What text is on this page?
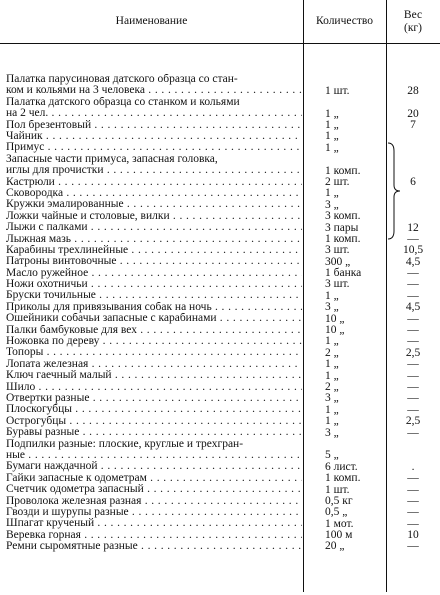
Наименование	Количество
Вес
(кг)
Палатка парусиновая датского образца со стан-
ком и кольями на 3 человека . . .	1 шт.	28
Палатка датского образца со станком и кольями
на 2 чел. . . .	1 „	20
Пол брезентовый . . .	1 „	7
Чайник . . .	1 „
Примус . . .	1 „
Запасные части примуса, запасная головка,
иглы для прочистки . . .	1 комп.
Кастрюли . . .	2 шт.	6
Сковородка . . .	1 „
Кружки эмалированные . . .	3 „
Ложки чайные и столовые, вилки . . .	3 комп.
Лыжи с палками . . .	3 пары	12
Лыжная мазь . . .	1 комп.	—
Карабины трехлинейные . . .	3 шт.	10,5
Патроны винтовочные . . .	300 „	4,5
Масло ружейное . . .	1 банка	—
Ножи охотничьи . . .	3 шт.	—
Бруски точильные . . .	1 „	—
Приколы для привязывания собак на ночь . . .	3 „	4,5
Ошейники собачьи запасные с карабинами . . .	10 „	—
Палки бамбуковые для вех . . .	10 „	—
Ножовка по дереву . . .	1 „	—
Топоры . . .	2 „	2,5
Лопата железная . . .	1 „	—
Ключ гаечный малый . . .	1 „	—
Шило . . .	2 „	—
Отвертки разные . . .	3 „	—
Плоскогубцы . . .	1 „	—
Острогубцы . . .	1 „	2,5
Буравы разные . . .	3 „	—
Подпилки разные: плоские, круглые и трехгран-
ные . . .	5 „
Бумаги наждачной . . .	6 лист.	.
Гайки запасные к одометрам . . .	1 комп.	—
Счетчик одометра запасный . . .	1 шт.	—
Проволока железная разная . . .	0,5 кг	—
Гвозди и шурупы разные . . .	0,5 „	—
Шпагат крученый . . .	1 мот.	—
Веревка горная . . .	100 м	10
Ремни сыромятные разные . . .	20 „	—
